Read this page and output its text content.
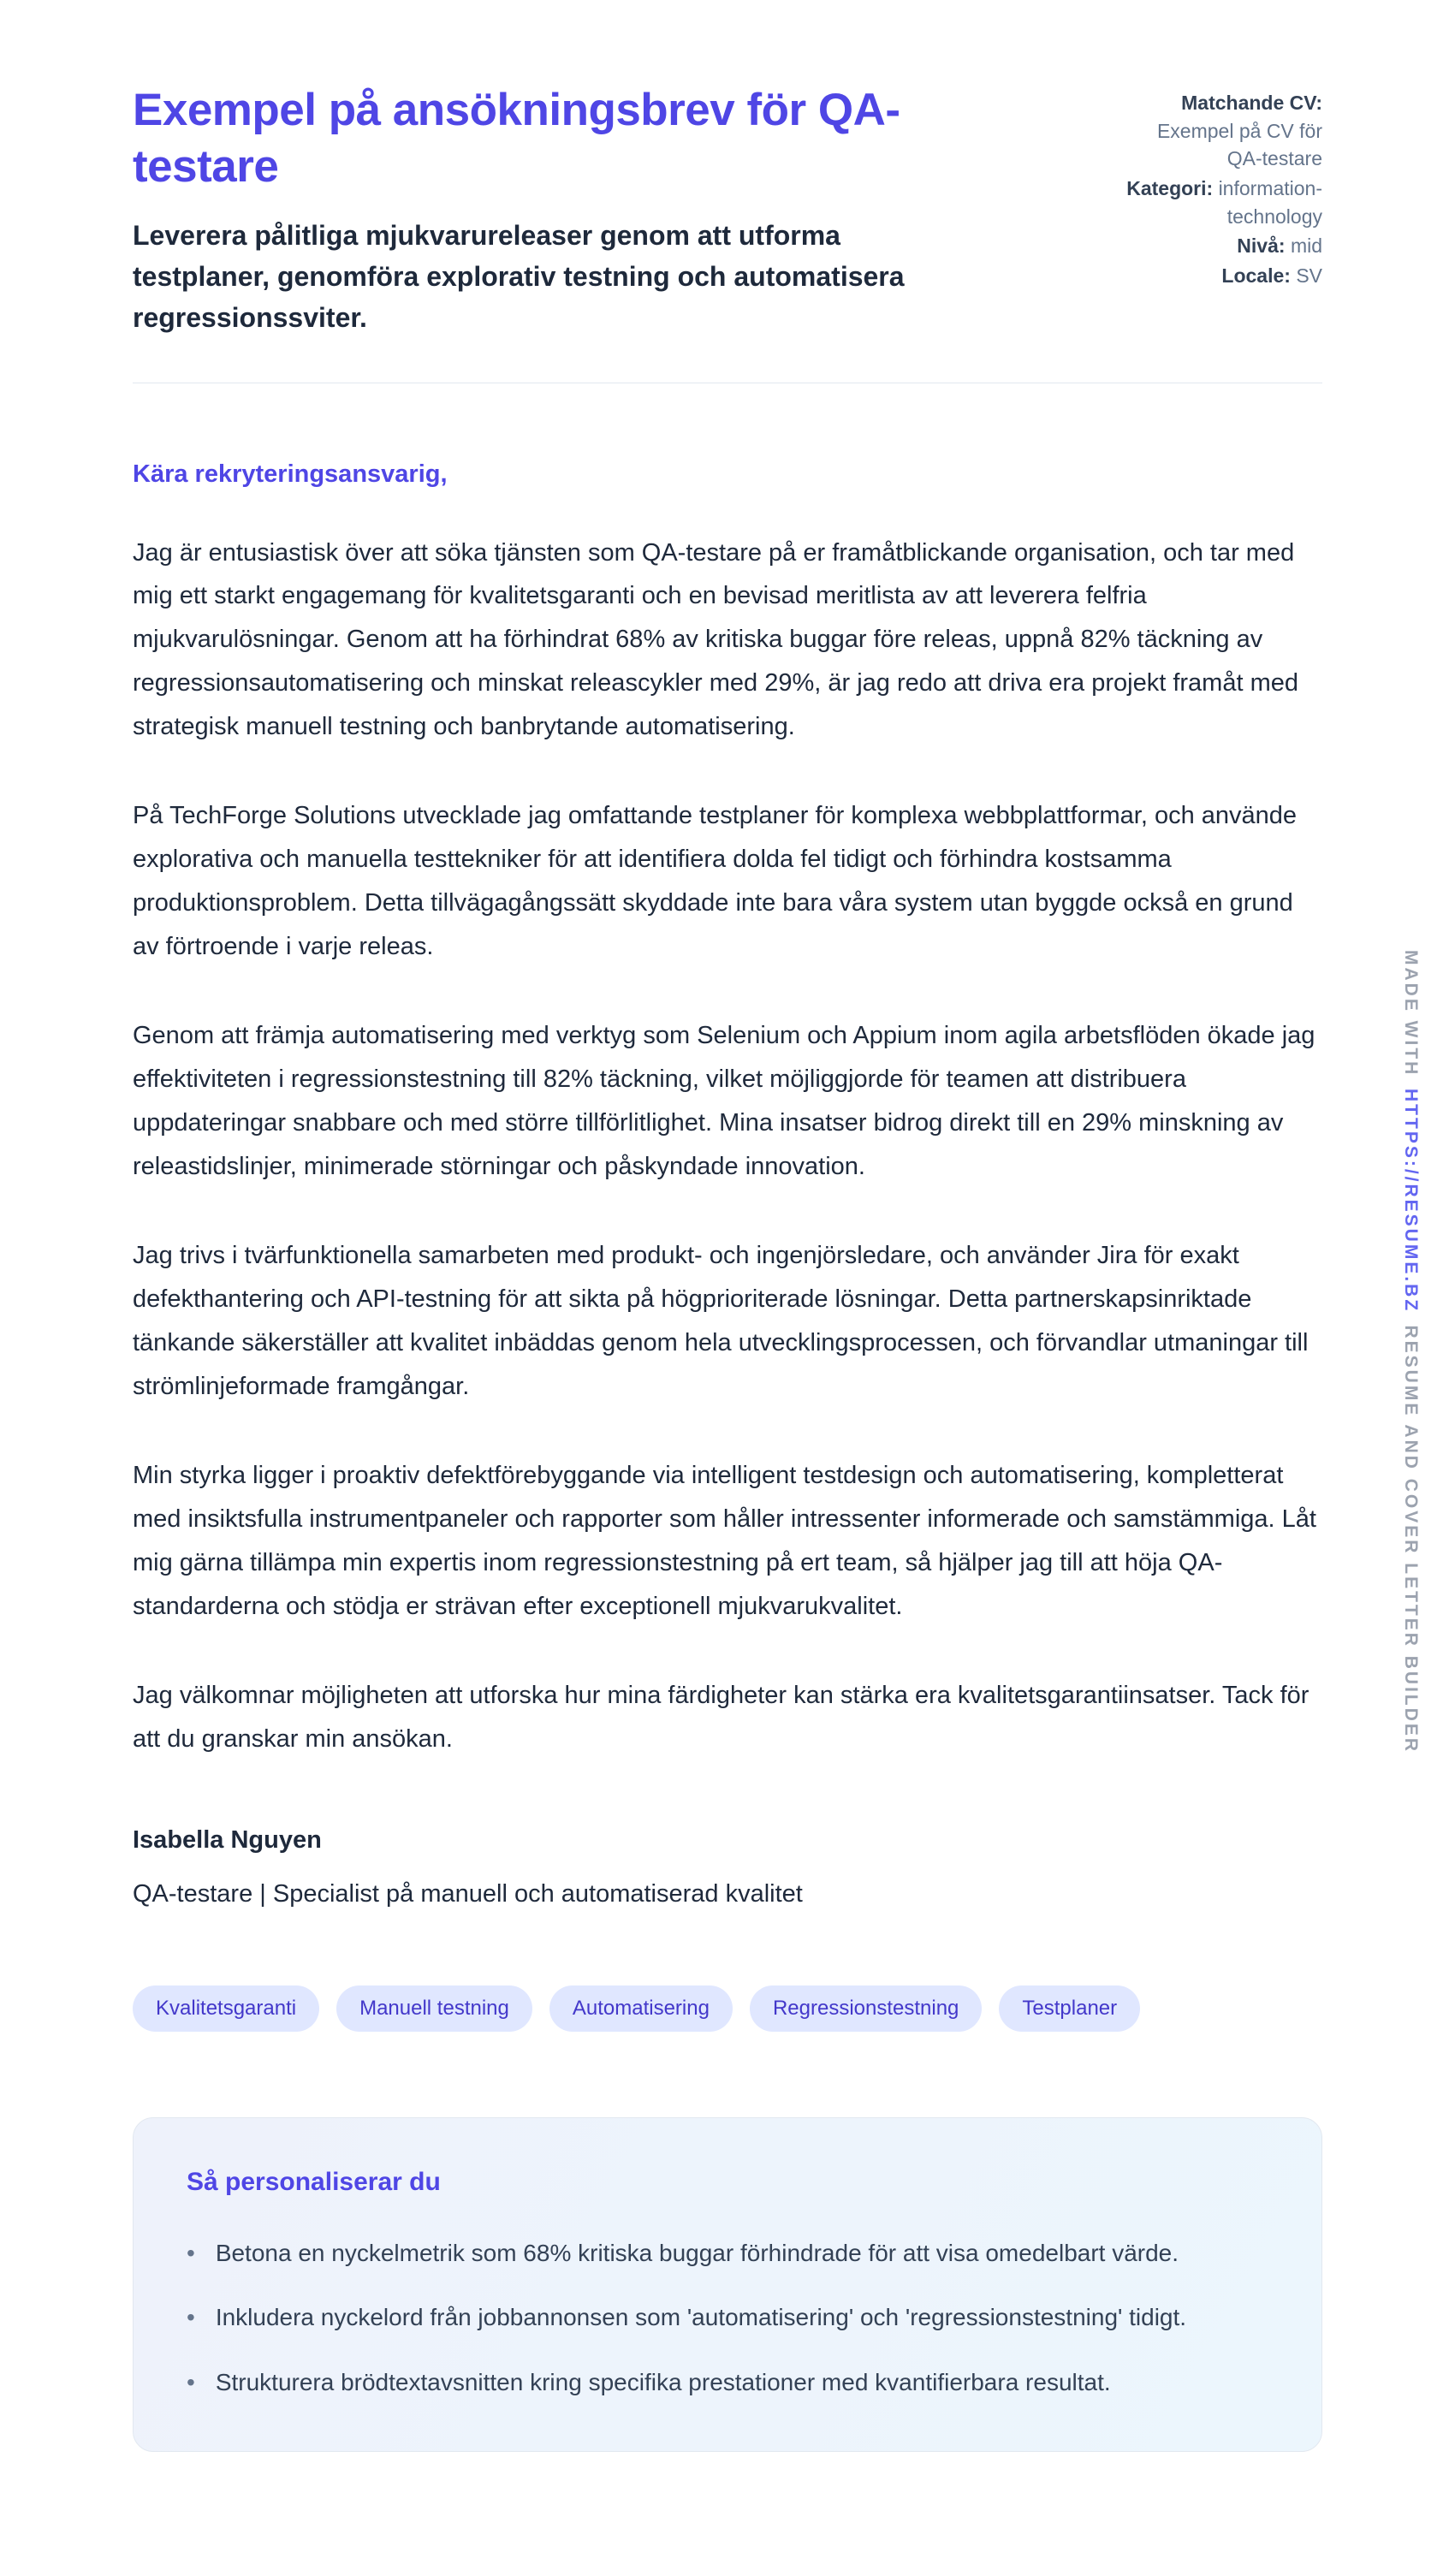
Exempel på ansökningsbrev för QA-testare

Leverera pålitliga mjukvarureleaser genom att utforma testplaner, genomföra explorativ testning och automatisera regressionssviter.

Matchande CV: Exempel på CV för QA-testare
Kategori: information-technology
Nivå: mid
Locale: SV

Kära rekryteringsansvarig,

Jag är entusiastisk över att söka tjänsten som QA-testare på er framåtblickande organisation, och tar med mig ett starkt engagemang för kvalitetsgaranti och en bevisad meritlista av att leverera felfria mjukvarulösningar. Genom att ha förhindrat 68% av kritiska buggar före releas, uppnå 82% täckning av regressionsautomatisering och minskat releascykler med 29%, är jag redo att driva era projekt framåt med strategisk manuell testning och banbrytande automatisering.

På TechForge Solutions utvecklade jag omfattande testplaner för komplexa webbplattformar, och använde explorativa och manuella testtekniker för att identifiera dolda fel tidigt och förhindra kostsamma produktionsproblem. Detta tillvägagångssätt skyddade inte bara våra system utan byggde också en grund av förtroende i varje releas.

Genom att främja automatisering med verktyg som Selenium och Appium inom agila arbetsflöden ökade jag effektiviteten i regressionstestning till 82% täckning, vilket möjliggjorde för teamen att distribuera uppdateringar snabbare och med större tillförlitlighet. Mina insatser bidrog direkt till en 29% minskning av releastidslinjer, minimerade störningar och påskyndade innovation.

Jag trivs i tvärfunktionella samarbeten med produkt- och ingenjörsledare, och använder Jira för exakt defekthantering och API-testning för att sikta på högprioriterade lösningar. Detta partnerskapsinriktade tänkande säkerställer att kvalitet inbäddas genom hela utvecklingsprocessen, och förvandlar utmaningar till strömlinjeformade framgångar.

Min styrka ligger i proaktiv defektförebyggande via intelligent testdesign och automatisering, kompletterat med insiktsfulla instrumentpaneler och rapporter som håller intressenter informerade och samstämmiga. Låt mig gärna tillämpa min expertis inom regressionstestning på ert team, så hjälper jag till att höja QA-standarderna och stödja er strävan efter exceptionell mjukvarukvalitet.

Jag välkomnar möjligheten att utforska hur mina färdigheter kan stärka era kvalitetsgarantiinsatser. Tack för att du granskar min ansökan.

Isabella Nguyen

QA-testare | Specialist på manuell och automatiserad kvalitet

Kvalitetsgaranti	Manuell testning	Automatisering	Regressionstestning	Testplaner
Så personaliserar du
• Betona en nyckelmetrik som 68% kritiska buggar förhindrade för att visa omedelbart värde.
• Inkludera nyckelord från jobbannonsen som 'automatisering' och 'regressionstestning' tidigt.
• Strukturera brödtextavsnitten kring specifika prestationer med kvantifierbara resultat.
MADE WITHHTTPS://RESUME.BZRESUME AND COVER LETTER BUILDER
